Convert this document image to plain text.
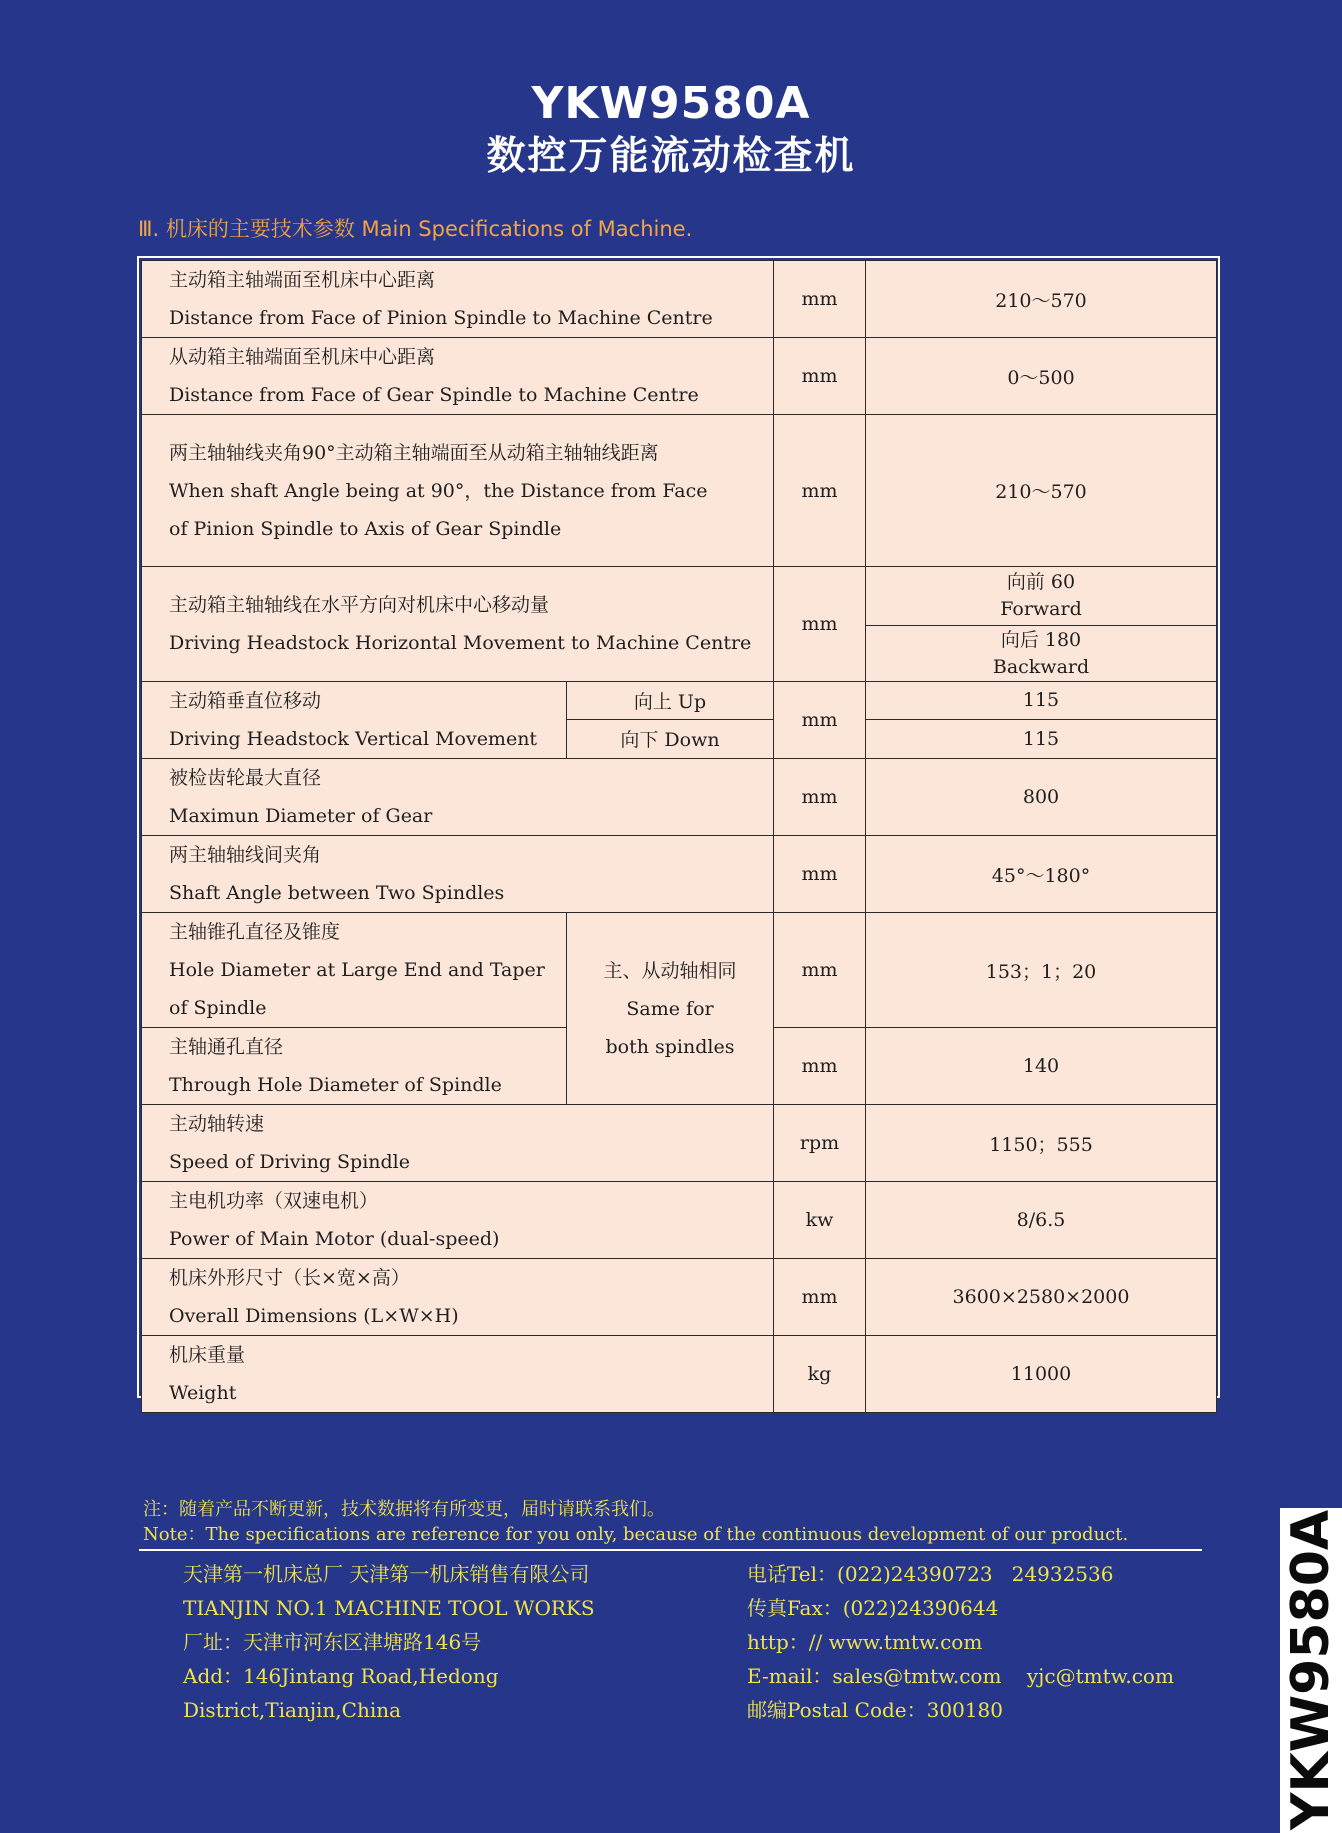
YKW9580A
数控万能流动检查机
Ⅲ. 机床的主要技术参数 Main Specifications of Machine.
主动箱主轴端面至机床中心距离
Distance from Face of Pinion Spindle to Machine Centre		mm	210～570

从动箱主轴端面至机床中心距离
Distance from Face of Gear Spindle to Machine Centre		mm	0～500

两主轴轴线夹角90°主动箱主轴端面至从动箱主轴轴线距离
When shaft Angle being at 90°，the Distance from Face
of Pinion Spindle to Axis of Gear Spindle		mm	210～570

主动箱主轴轴线在水平方向对机床中心移动量
Driving Headstock Horizontal Movement to Machine Centre		mm	向前 60
Forward

			向后 180
Backward

主动箱垂直位移动
Driving Headstock Vertical Movement	向上 Up	mm	115
	向下 Down		115

被检齿轮最大直径
Maximun Diameter of Gear		mm	800

两主轴轴线间夹角
Shaft Angle between Two Spindles		mm	45°～180°

主轴锥孔直径及锥度
Hole Diameter at Large End and Taper
of Spindle	主、从动轴相同
Same for
both spindles	mm	153；1；20

主轴通孔直径
Through Hole Diameter of Spindle		mm	140

主动轴转速
Speed of Driving Spindle		rpm	1150；555

主电机功率（双速电机）
Power of Main Motor (dual-speed)		kw	8/6.5

机床外形尺寸（长×宽×高）
Overall Dimensions (L×W×H)		mm	3600×2580×2000

机床重量
Weight		kg	11000
注：随着产品不断更新，技术数据将有所变更，届时请联系我们。
Note：The specifications are reference for you only, because of the continuous development of our product.
天津第一机床总厂 天津第一机床销售有限公司
TIANJIN NO.1 MACHINE TOOL WORKS
厂址：天津市河东区津塘路146号
Add：146Jintang Road,Hedong
District,Tianjin,China
电话Tel：(022)24390723   24932536
传真Fax：(022)24390644
http：// www.tmtw.com
E-mail：sales@tmtw.com    yjc@tmtw.com
邮编Postal Code：300180	YKW9580A
